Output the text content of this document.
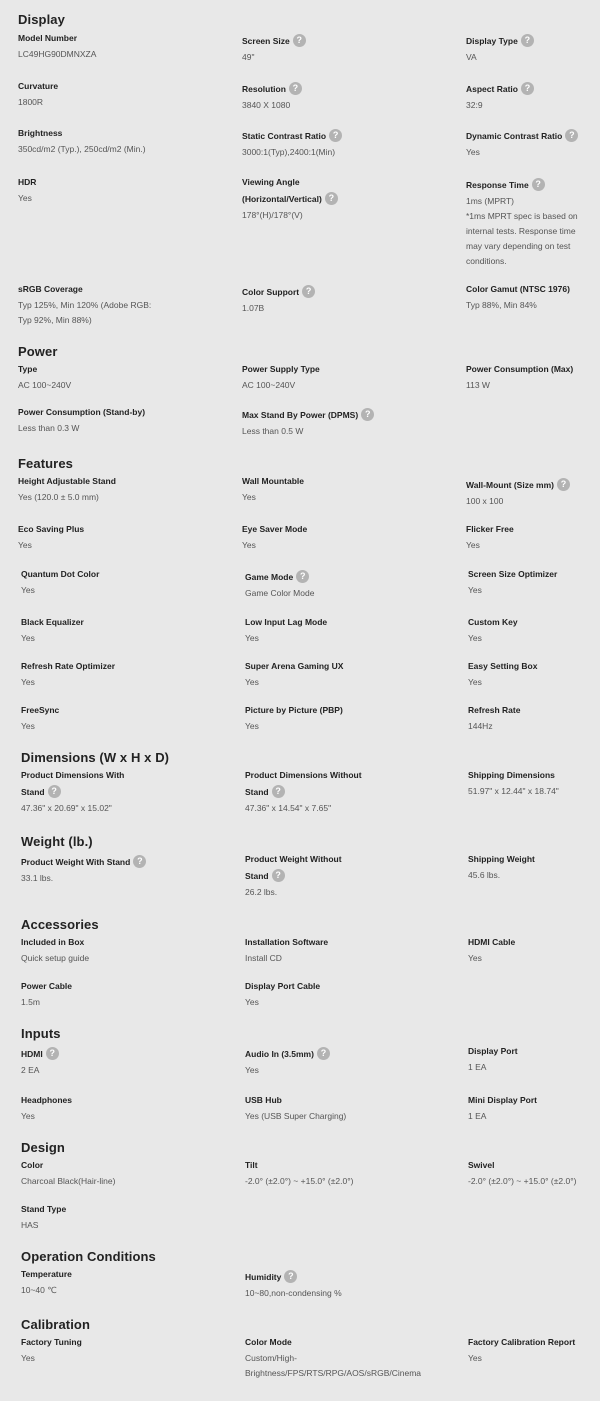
Display
Model Number
LC49HG90DMNXZA
Screen Size ?
49"
Display Type ?
VA
Curvature
1800R
Resolution ?
3840 X 1080
Aspect Ratio ?
32:9
Brightness
350cd/m2 (Typ.), 250cd/m2 (Min.)
Static Contrast Ratio ?
3000:1(Typ),2400:1(Min)
Dynamic Contrast Ratio ?
Yes
HDR
Yes
Viewing Angle
(Horizontal/Vertical) ?
178°(H)/178°(V)
Response Time ?
1ms (MPRT)
*1ms MPRT spec is based on
internal tests. Response time
may vary depending on test
conditions.
sRGB Coverage
Typ 125%, Min 120% (Adobe RGB:
Typ 92%, Min 88%)
Color Support ?
1.07B
Color Gamut (NTSC 1976)
Typ 88%, Min 84%
Power
Type
AC 100~240V
Power Supply Type
AC 100~240V
Power Consumption (Max)
113 W
Power Consumption (Stand-by)
Less than 0.3 W
Max Stand By Power (DPMS) ?
Less than 0.5 W
Features
Height Adjustable Stand
Yes (120.0 ± 5.0 mm)
Wall Mountable
Yes
Wall-Mount (Size mm) ?
100 x 100
Eco Saving Plus
Yes
Eye Saver Mode
Yes
Flicker Free
Yes
Quantum Dot Color
Yes
Game Mode ?
Game Color Mode
Screen Size Optimizer
Yes
Black Equalizer
Yes
Low Input Lag Mode
Yes
Custom Key
Yes
Refresh Rate Optimizer
Yes
Super Arena Gaming UX
Yes
Easy Setting Box
Yes
FreeSync
Yes
Picture by Picture (PBP)
Yes
Refresh Rate
144Hz
Dimensions (W x H x D)
Product Dimensions With
Stand ?
47.36" x 20.69" x 15.02"
Product Dimensions Without
Stand ?
47.36" x 14.54" x 7.65"
Shipping Dimensions
51.97" x 12.44" x 18.74"
Weight (lb.)
Product Weight With Stand ?
33.1 lbs.
Product Weight Without
Stand ?
26.2 lbs.
Shipping Weight
45.6 lbs.
Accessories
Included in Box
Quick setup guide
Installation Software
Install CD
HDMI Cable
Yes
Power Cable
1.5m
Display Port Cable
Yes
Inputs
HDMI ?
2 EA
Audio In (3.5mm) ?
Yes
Display Port
1 EA
Headphones
Yes
USB Hub
Yes (USB Super Charging)
Mini Display Port
1 EA
Design
Color
Charcoal Black(Hair-line)
Tilt
-2.0° (±2.0°) ~ +15.0° (±2.0°)
Swivel
-2.0° (±2.0°) ~ +15.0° (±2.0°)
Stand Type
HAS
Operation Conditions
Temperature
10~40 ℃
Humidity ?
10~80,non-condensing %
Calibration
Factory Tuning
Yes
Color Mode
Custom/High-
Brightness/FPS/RTS/RPG/AOS/sRGB/Cinema
Factory Calibration Report
Yes
